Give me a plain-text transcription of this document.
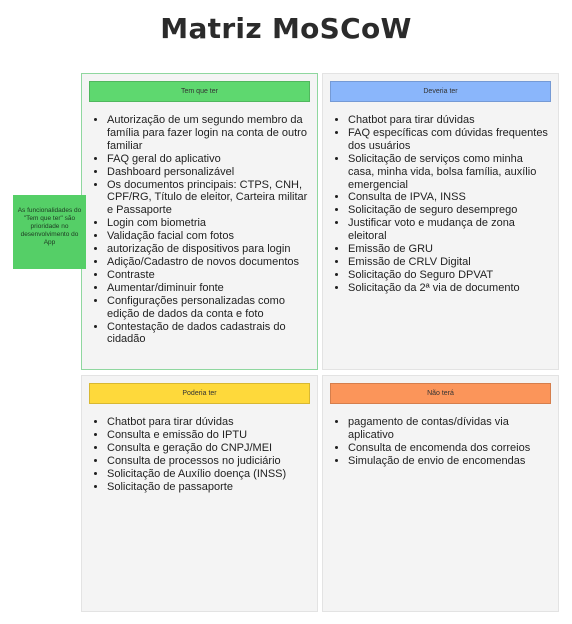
Matriz MoSCoW
Tem que ter
• Autorização de um segundo membro da família para fazer login na conta de outro familiar
• FAQ geral do aplicativo
• Dashboard personalizável
• Os documentos principais: CTPS, CNH, CPF/RG, Título de eleitor, Carteira militar e Passaporte
• Login com biometria
• Validação facial com fotos
• autorização de dispositivos para login
• Adição/Cadastro de novos documentos
• Contraste
• Aumentar/diminuir fonte
• Configurações personalizadas como edição de dados da conta e foto
• Contestação de dados cadastrais do cidadão
Deveria ter
• Chatbot para tirar dúvidas
• FAQ específicas com dúvidas frequentes dos usuários
• Solicitação de serviços como minha casa, minha vida, bolsa família, auxílio emergencial
• Consulta de IPVA, INSS
• Solicitação de seguro desemprego
• Justificar voto e mudança de zona eleitoral
• Emissão de GRU
• Emissão de CRLV Digital
• Solicitação do Seguro DPVAT
• Solicitação da 2ª via de documento
Poderia ter
• Chatbot para tirar dúvidas
• Consulta e emissão do IPTU
• Consulta e geração do CNPJ/MEI
• Consulta de processos no judiciário
• Solicitação de Auxílio doença (INSS)
• Solicitação de passaporte
Não terá
• pagamento de contas/dívidas via aplicativo
• Consulta de encomenda dos correios
• Simulação de envio de encomendas
As funcionalidades do "Tem que ter" são prioridade no desenvolvimento do App
